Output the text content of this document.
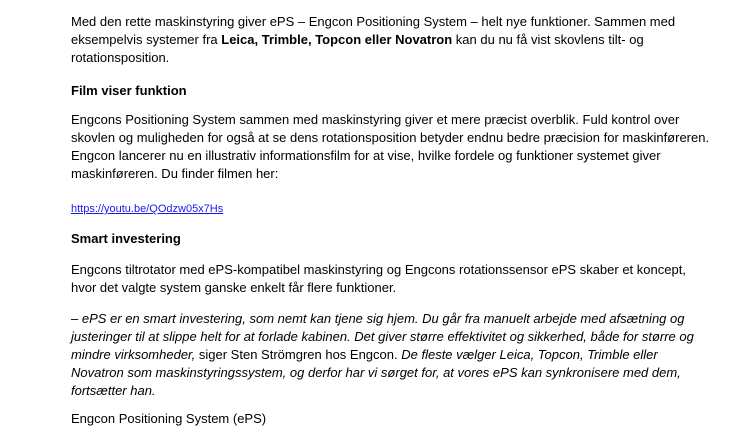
Med den rette maskinstyring giver ePS – Engcon Positioning System – helt nye funktioner. Sammen med eksempelvis systemer fra Leica, Trimble, Topcon eller Novatron kan du nu få vist skovlens tilt- og rotationsposition.

Film viser funktion

Engcons Positioning System sammen med maskinstyring giver et mere præcist overblik. Fuld kontrol over skovlen og muligheden for også at se dens rotationsposition betyder endnu bedre præcision for maskinføreren. Engcon lancerer nu en illustrativ informationsfilm for at vise, hvilke fordele og funktioner systemet giver maskinføreren. Du finder filmen her:

https://youtu.be/QOdzw05x7Hs

Smart investering

Engcons tiltrotator med ePS-kompatibel maskinstyring og Engcons rotationssensor ePS skaber et koncept, hvor det valgte system ganske enkelt får flere funktioner.

– ePS er en smart investering, som nemt kan tjene sig hjem. Du går fra manuelt arbejde med afsætning og justeringer til at slippe helt for at forlade kabinen. Det giver større effektivitet og sikkerhed, både for større og mindre virksomheder, siger Sten Strömgren hos Engcon. De fleste vælger Leica, Topcon, Trimble eller Novatron som maskinstyringssystem, og derfor har vi sørget for, at vores ePS kan synkronisere med dem, fortsætter han.

Engcon Positioning System (ePS)
